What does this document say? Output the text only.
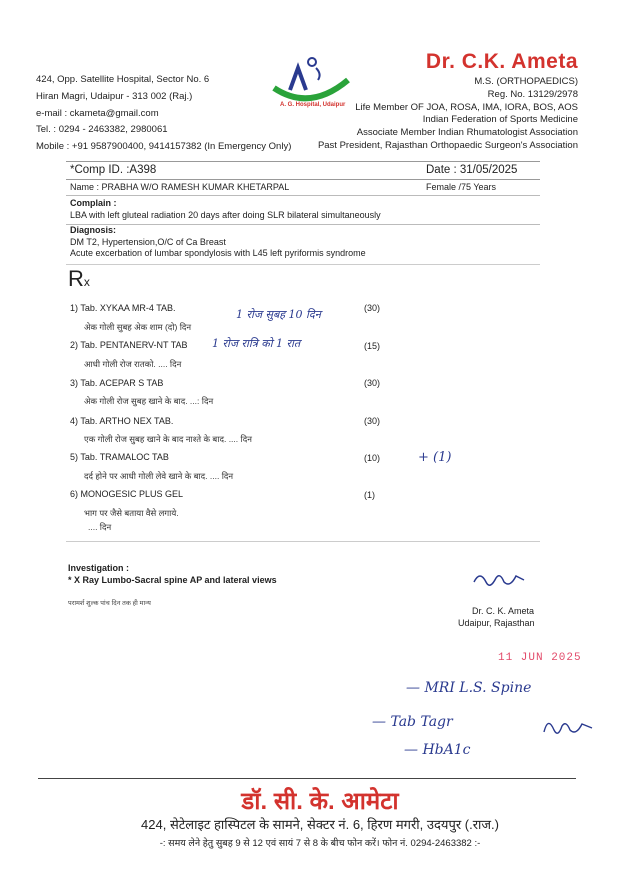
424, Opp. Satellite Hospital, Sector No. 6
Hiran Magri, Udaipur - 313 002 (Raj.)
e-mail : ckameta@gmail.com
Tel. : 0294 - 2463382, 2980061
Mobile : +91 9587900400, 9414157382 (In Emergency Only)
A. G. Hospital, Udaipur
Dr. C.K. Ameta
M.S. (ORTHOPAEDICS)
Reg. No. 13129/2978
Life Member OF JOA, ROSA, IMA, IORA, BOS, AOS
Indian Federation of Sports Medicine
Associate Member Indian Rhumatologist Association
Past President, Rajasthan Orthopaedic Surgeon's Association
*Comp ID. :A398	Date : 31/05/2025
Name : PRABHA W/O RAMESH KUMAR KHETARPAL	Female /75 Years
Complain :
LBA with left gluteal radiation 20 days after doing SLR bilateral simultaneously
Diagnosis:
DM T2, Hypertension,O/C of Ca Breast
Acute excerbation of lumbar spondylosis with L45 left pyriformis syndrome
Rx
1) Tab. XYKAA MR-4 TAB.	(30)
अेक गोली सुबह अेक शाम (दो) दिन
1 रोज सुबह 10 दिन
2) Tab. PENTANERV-NT TAB	(15)
आधी गोली रोज रातको. .... दिन
1 रोज रात्रि को 1 रात
3) Tab. ACEPAR S TAB	(30)
अेक गोली रोज सुबह खाने के बाद. ...: दिन
4) Tab. ARTHO NEX TAB.	(30)
एक गोली रोज सुबह खाने के बाद नाश्ते के बाद. .... दिन
5) Tab. TRAMALOC TAB	(10)
दर्द होने पर आधी गोली लेवे खाने के बाद. .... दिन
+ (1)
6) MONOGESIC PLUS GEL	(1)
भाग पर जैसे बताया वैसे लगाये.
.... दिन
Investigation :
* X Ray Lumbo-Sacral spine AP and lateral views
परामर्श शुल्क पांच दिन तक ही मान्य
Dr. C. K. Ameta
Udaipur, Rajasthan
11 JUN 2025
— MRI L.S. Spine
— Tab Tagr
— HbA1c
डॉ. सी. के. आमेटा
424, सेटेलाइट हास्पिटल के सामने, सेक्टर नं. 6, हिरण मगरी, उदयपुर (.राज.)
-: समय लेने हेतु सुबह 9 से 12 एवं सायं 7 से 8 के बीच फोन करें। फोन नं. 0294-2463382 :-
